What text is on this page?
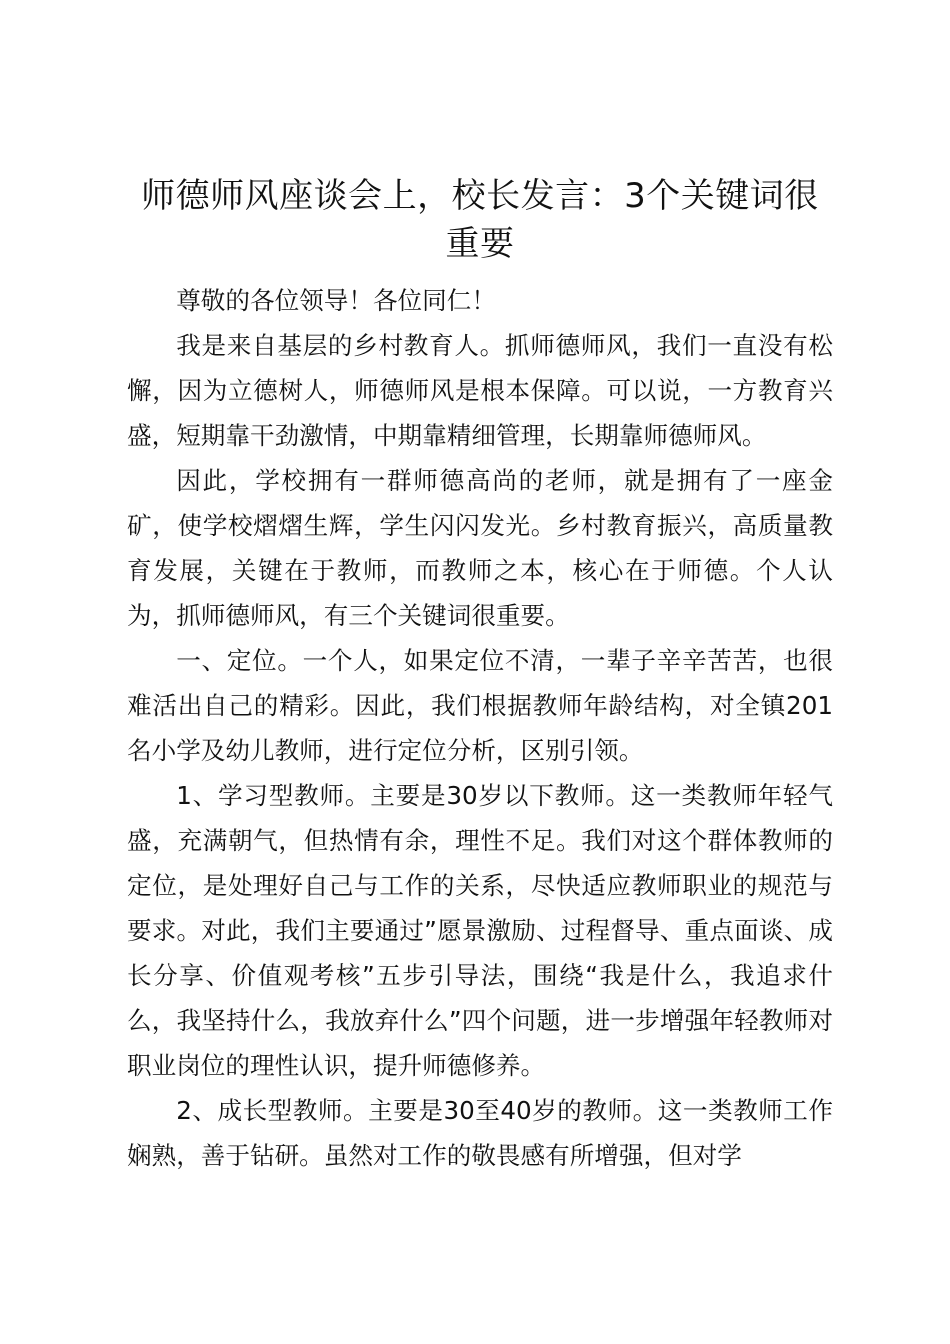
师德师风座谈会上，校长发言：3个关键词很重要

尊敬的各位领导！各位同仁！

我是来自基层的乡村教育人。抓师德师风，我们一直没有松懈，因为立德树人，师德师风是根本保障。可以说，一方教育兴盛，短期靠干劲激情，中期靠精细管理，长期靠师德师风。

因此，学校拥有一群师德高尚的老师，就是拥有了一座金矿，使学校熠熠生辉，学生闪闪发光。乡村教育振兴，高质量教育发展，关键在于教师，而教师之本，核心在于师德。个人认为，抓师德师风，有三个关键词很重要。

一、定位。一个人，如果定位不清，一辈子辛辛苦苦，也很难活出自己的精彩。因此，我们根据教师年龄结构，对全镇201名小学及幼儿教师，进行定位分析，区别引领。

1、学习型教师。主要是30岁以下教师。这一类教师年轻气盛，充满朝气，但热情有余，理性不足。我们对这个群体教师的定位，是处理好自己与工作的关系，尽快适应教师职业的规范与要求。对此，我们主要通过”愿景激励、过程督导、重点面谈、成长分享、价值观考核”五步引导法，围绕“我是什么，我追求什么，我坚持什么，我放弃什么”四个问题，进一步增强年轻教师对职业岗位的理性认识，提升师德修养。

2、成长型教师。主要是30至40岁的教师。这一类教师工作娴熟，善于钻研。虽然对工作的敬畏感有所增强，但对学
